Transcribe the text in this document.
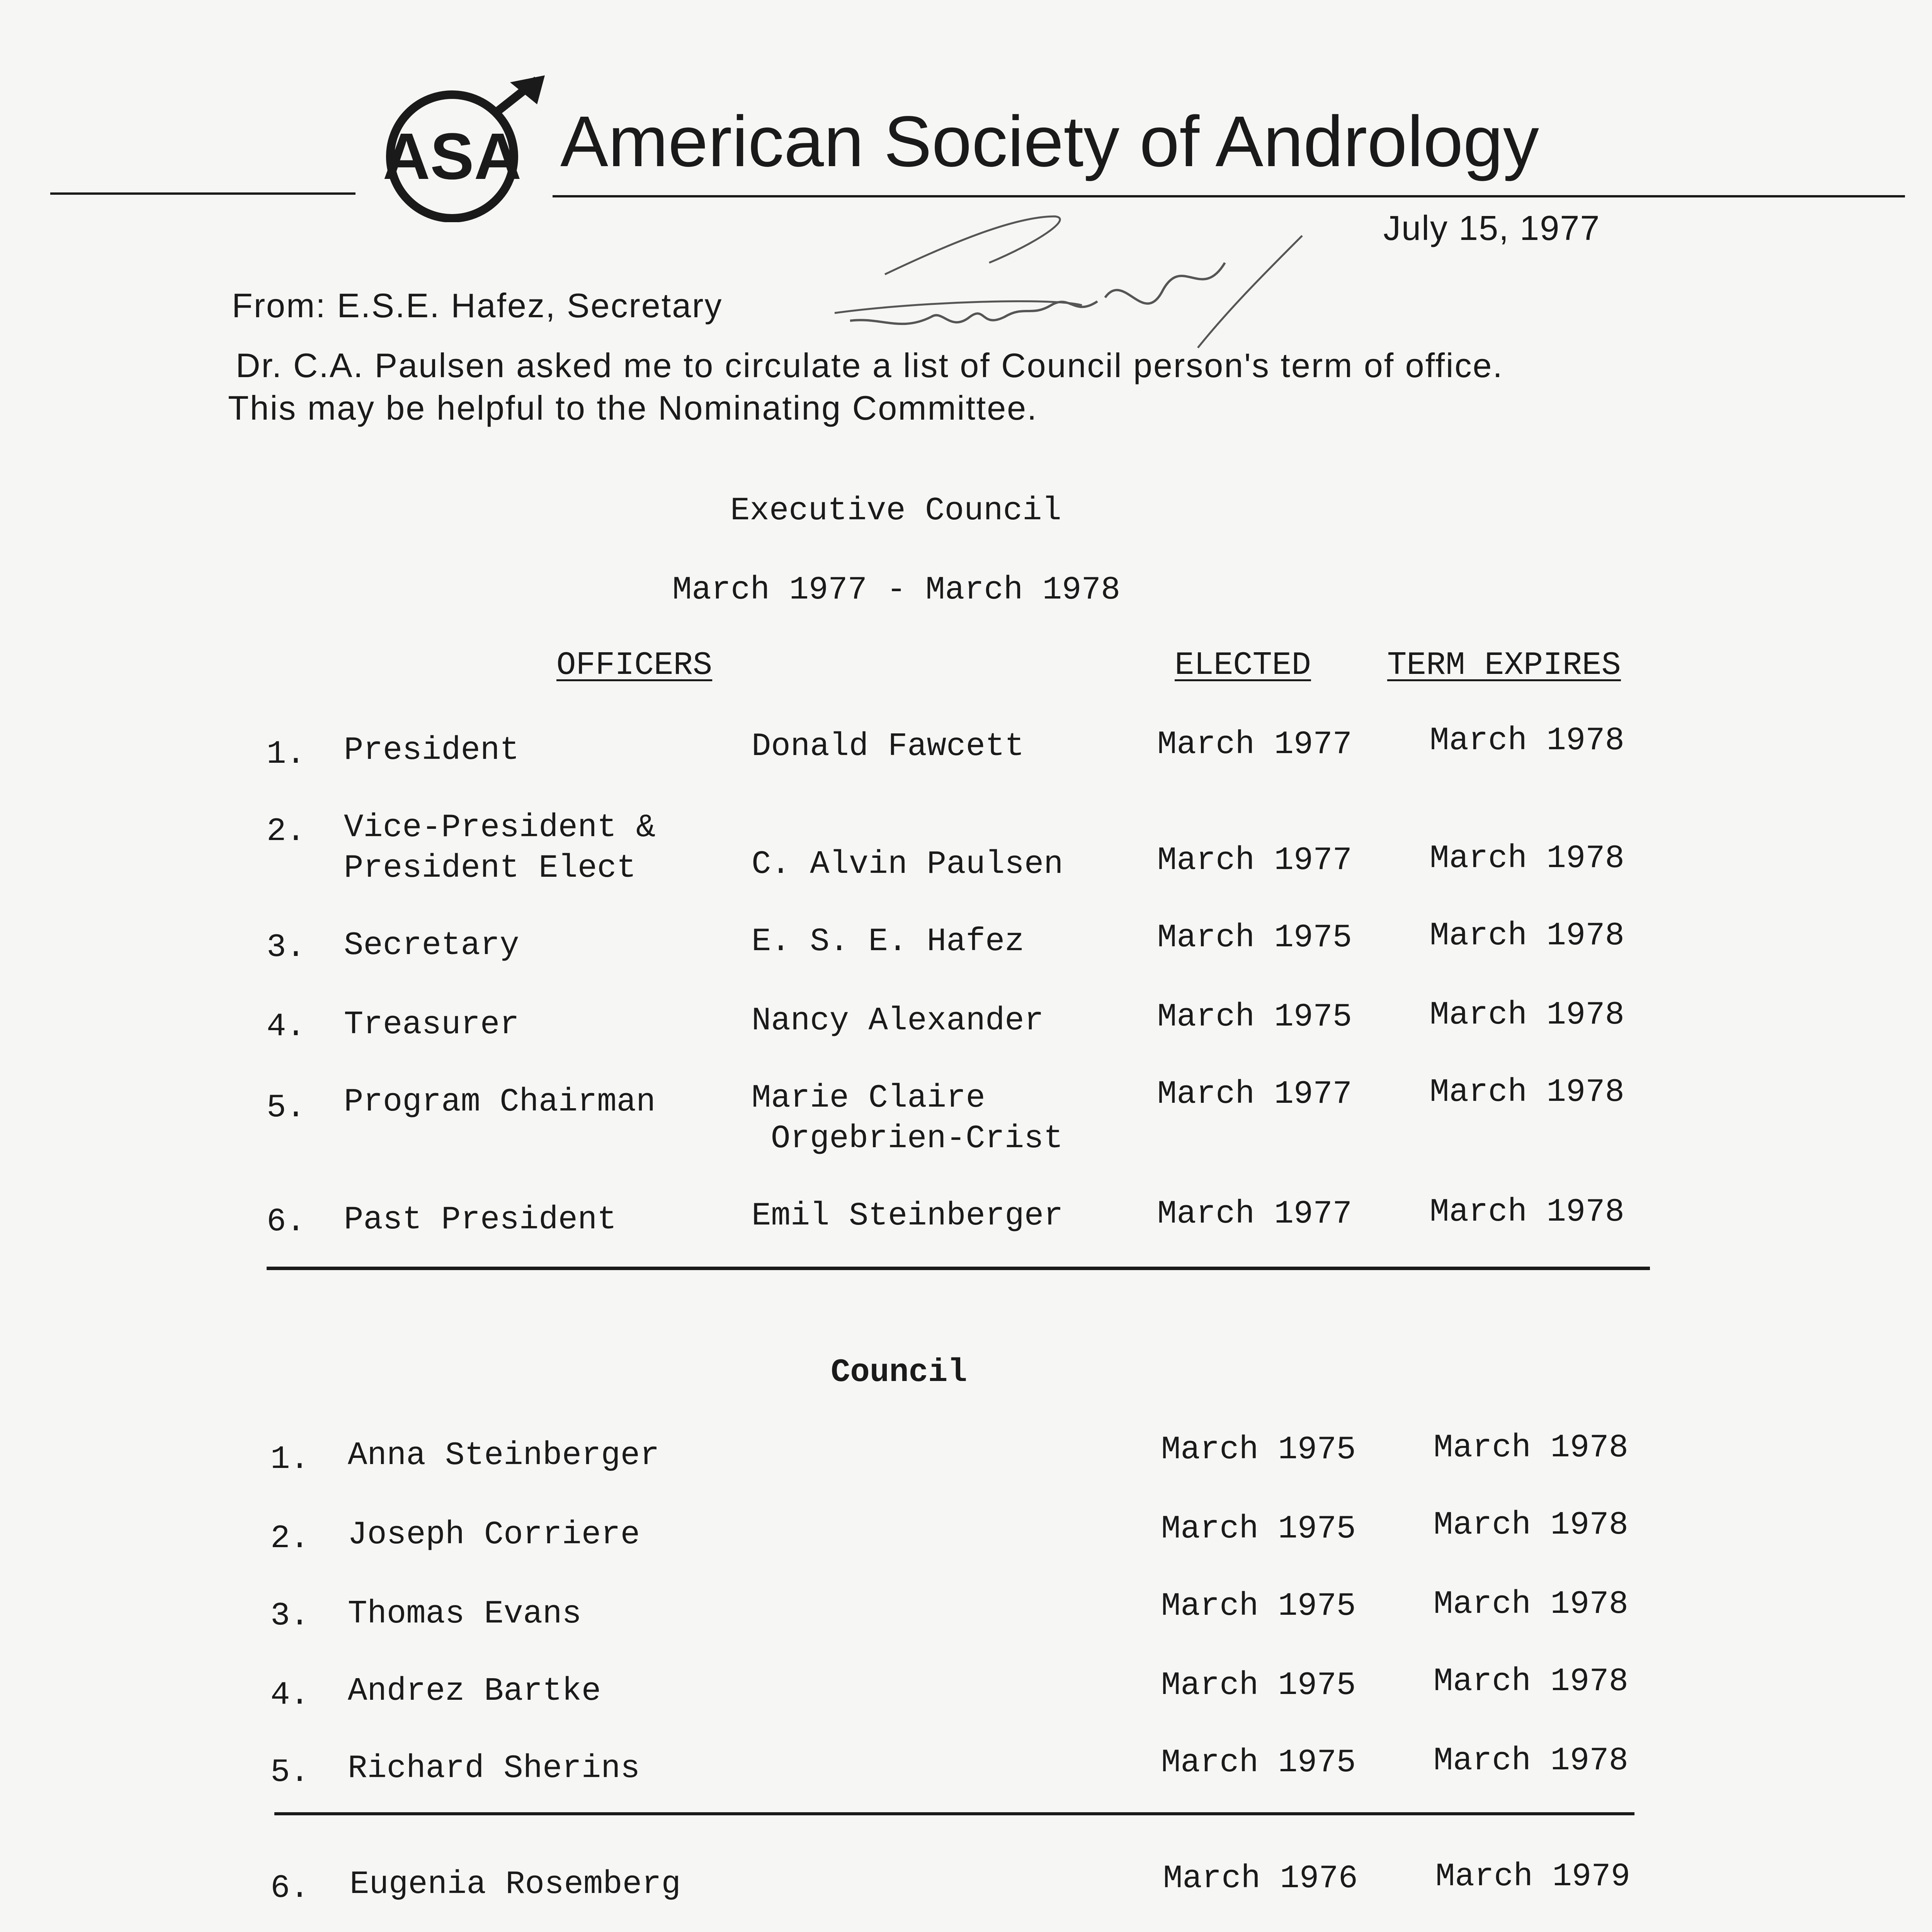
ASA American Society of Andrology
July 15, 1977
From: E.S.E. Hafez, Secretary
Dr. C.A. Paulsen asked me to circulate a list of Council person's term of office.
This may be helpful to the Nominating Committee.
Executive Council
March 1977 - March 1978
OFFICERS	ELECTED TERM EXPIRES
1. President	Donald Fawcett	March 1977 March 1978
2. Vice-President &
President Elect	C. Alvin Paulsen	March 1977 March 1978
3. Secretary	E. S. E. Hafez	March 1975 March 1978
4. Treasurer	Nancy Alexander	March 1975 March 1978
5. Program Chairman	Marie Claire
Orgebrien-Crist
March 1977 March 1978
6. Past President	Emil Steinberger	March 1977 March 1978
Council
1. Anna Steinberger	March 1975 March 1978
2. Joseph Corriere	March 1975 March 1978
3. Thomas Evans	March 1975 March 1978
4. Andrez Bartke	March 1975 March 1978
5. Richard Sherins	March 1975 March 1978
6. Eugenia Rosemberg	March 1976 March 1979
